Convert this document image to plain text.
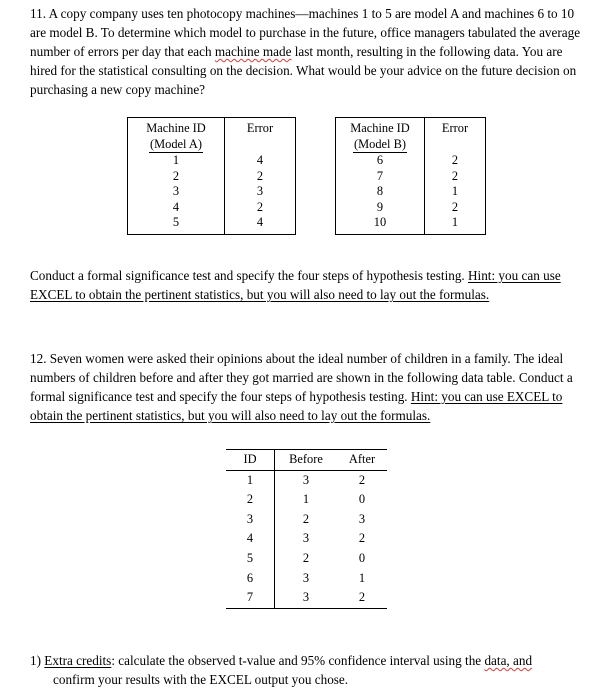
11. A copy company uses ten photocopy machines—machines 1 to 5 are model A and machines 6 to 10 are model B. To determine which model to purchase in the future, office managers tabulated the average number of errors per day that each machine made last month, resulting in the following data. You are hired for the statistical consulting on the decision. What would be your advice on the future decision on purchasing a new copy machine?

Machine ID
(Model A)	Error
1	4
2	2
3	3
4	2
5	4
Machine ID
(Model B)	Error
6	2
7	2
8	1
9	2
10	1

Conduct a formal significance test and specify the four steps of hypothesis testing. Hint: you can use EXCEL to obtain the pertinent statistics, but you will also need to lay out the formulas.

12. Seven women were asked their opinions about the ideal number of children in a family. The ideal numbers of children before and after they got married are shown in the following data table. Conduct a formal significance test and specify the four steps of hypothesis testing. Hint: you can use EXCEL to obtain the pertinent statistics, but you will also need to lay out the formulas.

ID	Before	After
1	3	2
2	1	0
3	2	3
4	3	2
5	2	0
6	3	1
7	3	2

1) Extra credits: calculate the observed t-value and 95% confidence interval using the data, and
confirm your results with the EXCEL output you chose.
